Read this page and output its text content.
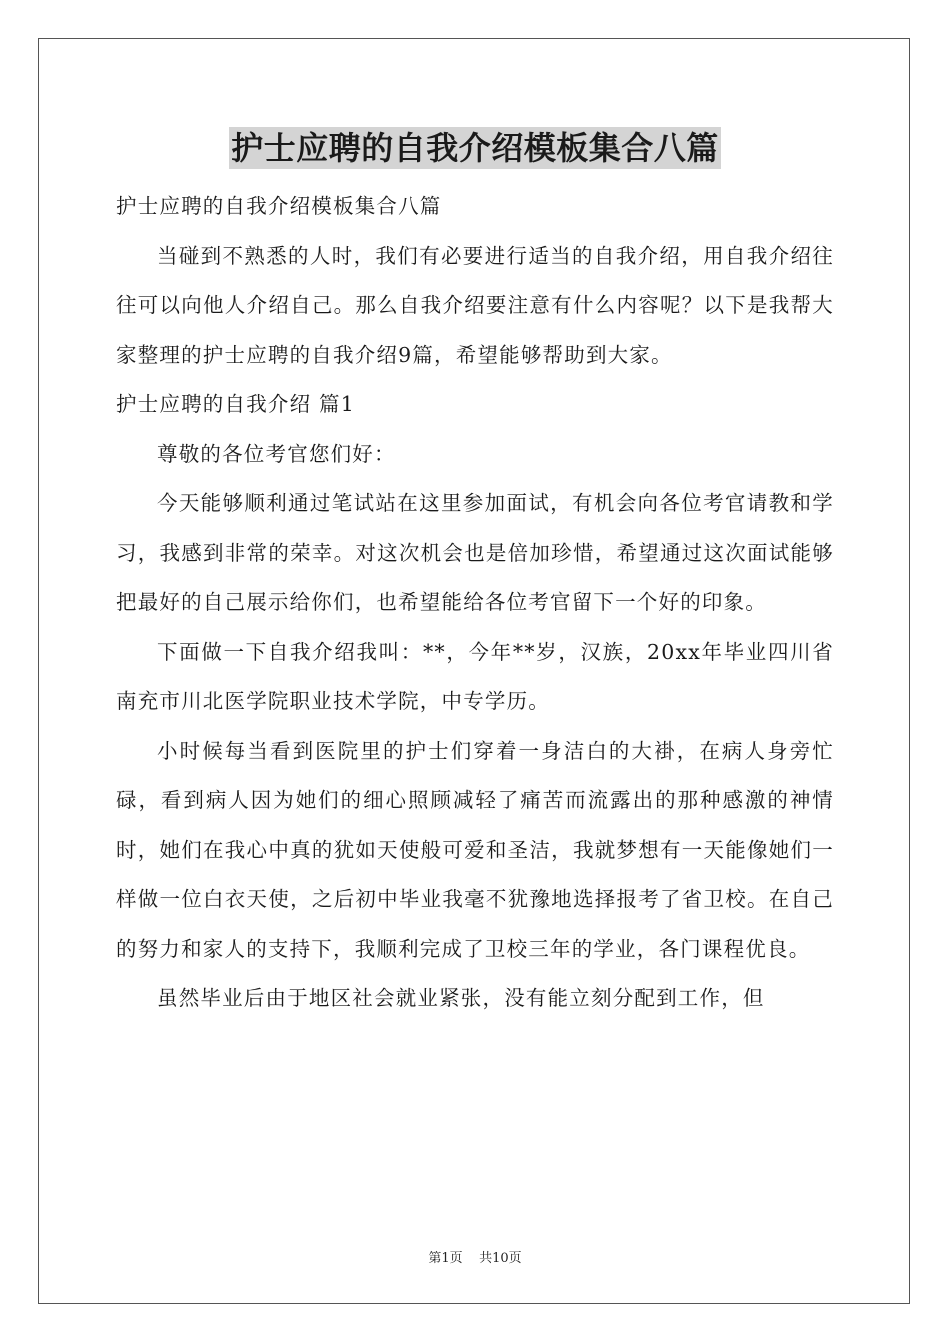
护士应聘的自我介绍模板集合八篇

护士应聘的自我介绍模板集合八篇

当碰到不熟悉的人时，我们有必要进行适当的自我介绍，用自我介绍往往可以向他人介绍自己。那么自我介绍要注意有什么内容呢？以下是我帮大家整理的护士应聘的自我介绍9篇，希望能够帮助到大家。

护士应聘的自我介绍 篇1

尊敬的各位考官您们好：

今天能够顺利通过笔试站在这里参加面试，有机会向各位考官请教和学习，我感到非常的荣幸。对这次机会也是倍加珍惜，希望通过这次面试能够把最好的自己展示给你们，也希望能给各位考官留下一个好的印象。

下面做一下自我介绍我叫：**，今年**岁，汉族，20xx年毕业四川省南充市川北医学院职业技术学院，中专学历。

小时候每当看到医院里的护士们穿着一身洁白的大褂，在病人身旁忙碌，看到病人因为她们的细心照顾减轻了痛苦而流露出的那种感激的神情时，她们在我心中真的犹如天使般可爱和圣洁，我就梦想有一天能像她们一样做一位白衣天使，之后初中毕业我毫不犹豫地选择报考了省卫校。在自己的努力和家人的支持下，我顺利完成了卫校三年的学业，各门课程优良。

虽然毕业后由于地区社会就业紧张，没有能立刻分配到工作，但

第1页    共10页
